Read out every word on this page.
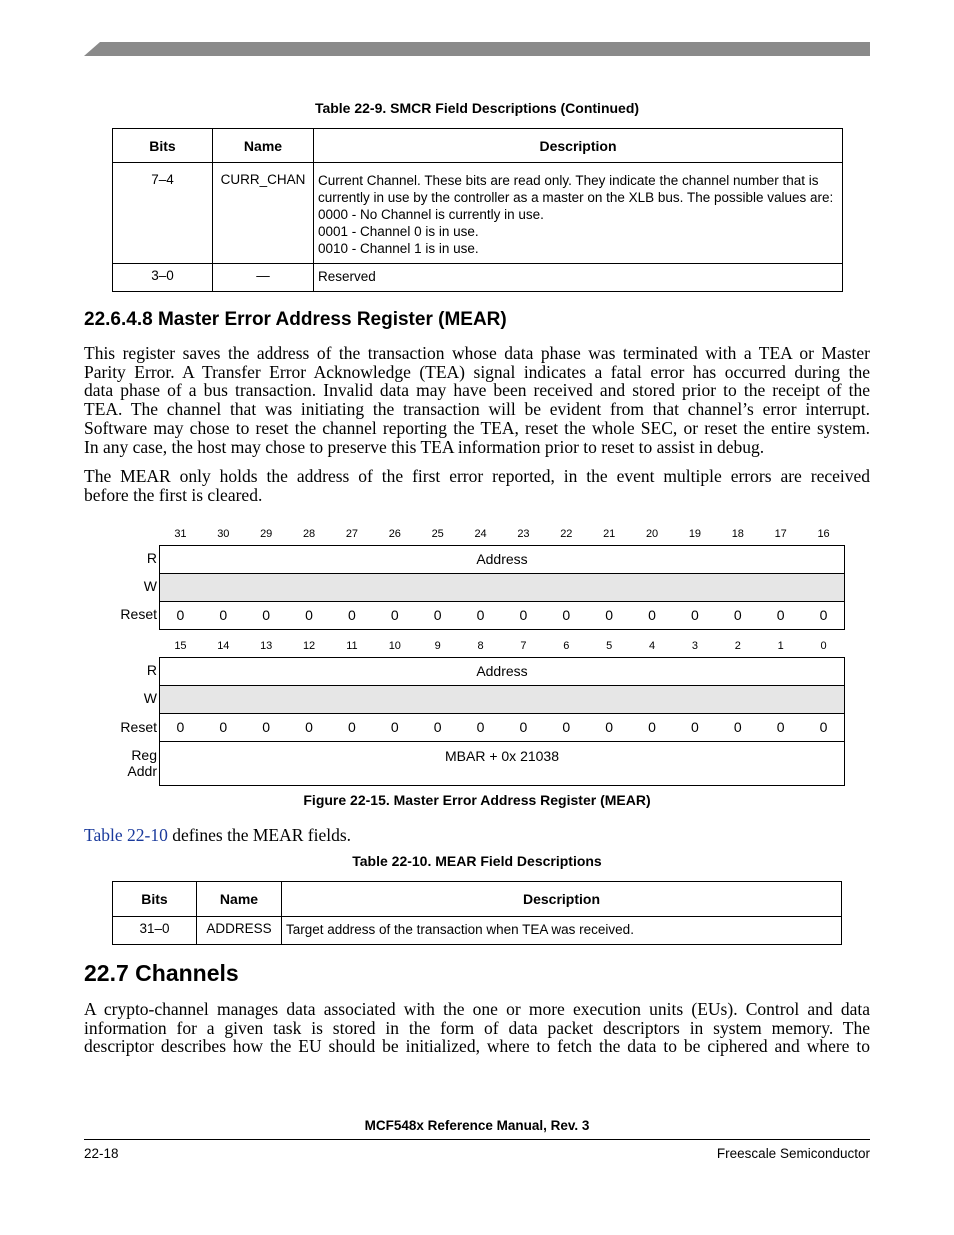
Table 22-9. SMCR Field Descriptions (Continued)
Bits	Name	Description
7–4	CURR_CHAN	Current Channel. These bits are read only. They indicate the channel number that is
currently in use by the controller as a master on the XLB bus. The possible values are:
0000 - No Channel is currently in use.
0001 - Channel 0 is in use.
0010 - Channel 1 is in use.

3–0	—	Reserved
22.6.4.8 Master Error Address Register (MEAR)
This register saves the address of the transaction whose data phase was terminated with a TEA or Master
Parity Error. A Transfer Error Acknowledge (TEA) signal indicates a fatal error has occurred during the
data phase of a bus transaction. Invalid data may have been received and stored prior to the receipt of the
TEA. The channel that was initiating the transaction will be evident from that channel’s error interrupt.
Software may chose to reset the channel reporting the TEA, reset the whole SEC, or reset the entire system.
In any case, the host may chose to preserve this TEA information prior to reset to assist in debug.
The MEAR only holds the address of the first error reported, in the event multiple errors are received
before the first is cleared.
31	30	29	28	27	26	25	24	23	22	21	20	19	18	17	16
R
W
Reset
Address
0	0	0	0	0	0	0	0	0	0	0	0	0	0	0	0
15	14	13	12	11	10	9	8	7	6	5	4	3	2	1	0
R
W
Reset
Reg
Addr
Address
0	0	0	0	0	0	0	0	0	0	0	0	0	0	0	0
MBAR + 0x 21038
Figure 22-15. Master Error Address Register (MEAR)
Table 22-10 defines the MEAR fields.
Table 22-10. MEAR Field Descriptions
Bits	Name	Description
31–0	ADDRESS	Target address of the transaction when TEA was received.
22.7 Channels
A crypto-channel manages data associated with the one or more execution units (EUs). Control and data
information for a given task is stored in the form of data packet descriptors in system memory. The
descriptor describes how the EU should be initialized, where to fetch the data to be ciphered and where to
MCF548x Reference Manual, Rev. 3
22-18	Freescale Semiconductor
